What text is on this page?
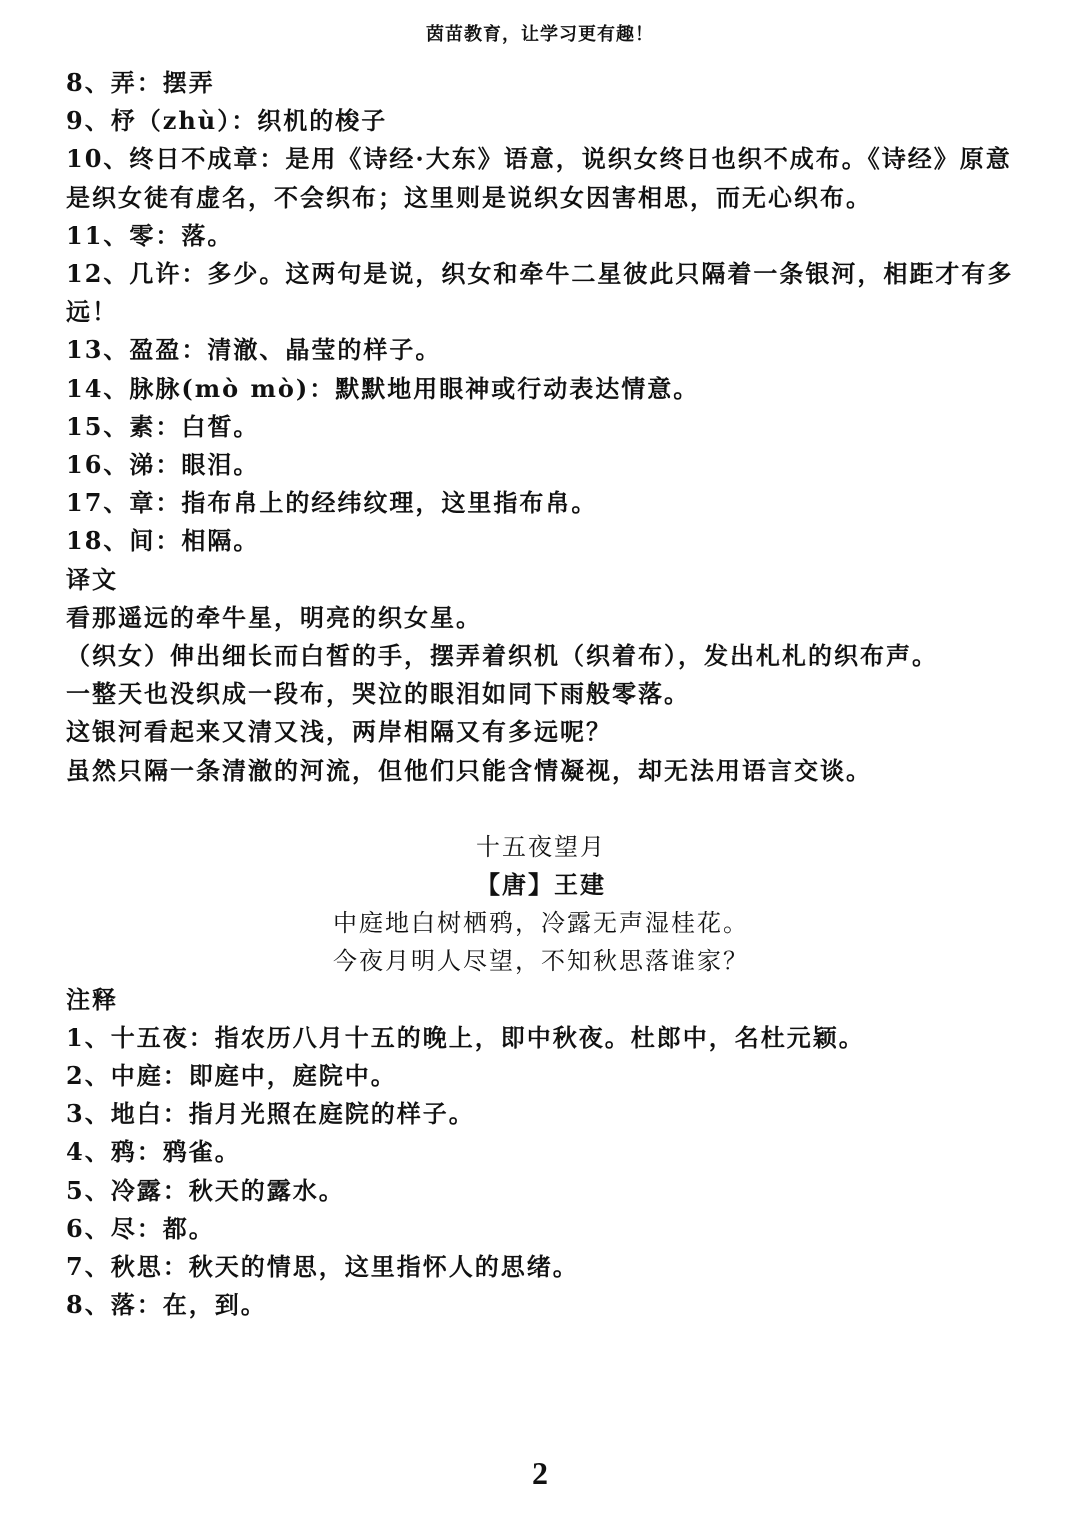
茵苗教育，让学习更有趣！
8、弄：摆弄
9、杼（zhù）：织机的梭子
10、终日不成章：是用《诗经·大东》语意，说织女终日也织不成布。《诗经》原意是织女徒有虚名，不会织布；这里则是说织女因害相思，而无心织布。
11、零：落。
12、几许：多少。这两句是说，织女和牵牛二星彼此只隔着一条银河，相距才有多远！
13、盈盈：清澈、晶莹的样子。
14、脉脉(mò mò)：默默地用眼神或行动表达情意。
15、素：白皙。
16、涕：眼泪。
17、章：指布帛上的经纬纹理，这里指布帛。
18、间：相隔。
译文
看那遥远的牵牛星，明亮的织女星。
（织女）伸出细长而白皙的手，摆弄着织机（织着布），发出札札的织布声。
一整天也没织成一段布，哭泣的眼泪如同下雨般零落。
这银河看起来又清又浅，两岸相隔又有多远呢？
虽然只隔一条清澈的河流，但他们只能含情凝视，却无法用语言交谈。
十五夜望月
【唐】王建
中庭地白树栖鸦，冷露无声湿桂花。
今夜月明人尽望，不知秋思落谁家？
注释
1、十五夜：指农历八月十五的晚上，即中秋夜。杜郎中，名杜元颖。
2、中庭：即庭中，庭院中。
3、地白：指月光照在庭院的样子。
4、鸦：鸦雀。
5、冷露：秋天的露水。
6、尽：都。
7、秋思：秋天的情思，这里指怀人的思绪。
8、落：在，到。
2
